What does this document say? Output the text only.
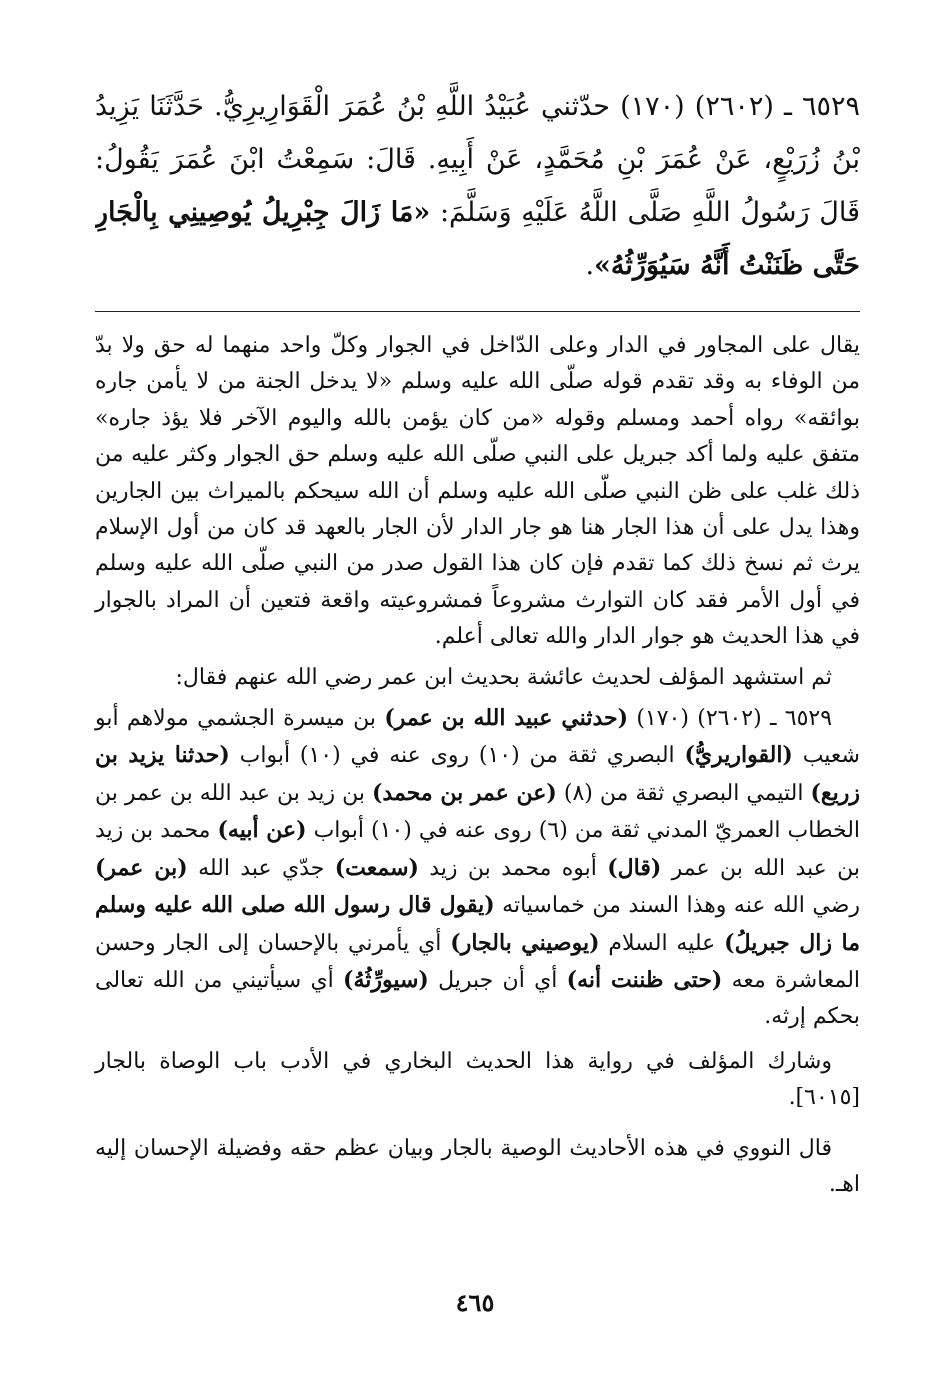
٦٥٢٩ ـ (٢٦٠٢) (١٧٠) حدّثني عُبَيْدُ اللَّهِ بْنُ عُمَرَ الْقَوَارِيرِيُّ. حَدَّثَنَا يَزِيدُ بْنُ زُرَيْعٍ، عَنْ عُمَرَ بْنِ مُحَمَّدٍ، عَنْ أَبِيهِ. قَالَ: سَمِعْتُ ابْنَ عُمَرَ يَقُولُ: قَالَ رَسُولُ اللَّهِ صَلَّى اللَّهُ عَلَيْهِ وَسَلَّمَ: «مَا زَالَ جِبْرِيلُ يُوصِينِي بِالْجَارِ حَتَّى ظَنَنْتُ أَنَّهُ سَيُوَرِّثُهُ».

يقال على المجاور في الدار وعلى الدّاخل في الجوار وكلّ واحد منهما له حق ولا بدّ من الوفاء به وقد تقدم قوله صلّى الله عليه وسلم «لا يدخل الجنة من لا يأمن جاره بوائقه» رواه أحمد ومسلم وقوله «من كان يؤمن بالله واليوم الآخر فلا يؤذ جاره» متفق عليه ولما أكد جبريل على النبي صلّى الله عليه وسلم حق الجوار وكثر عليه من ذلك غلب على ظن النبي صلّى الله عليه وسلم أن الله سيحكم بالميراث بين الجارين وهذا يدل على أن هذا الجار هنا هو جار الدار لأن الجار بالعهد قد كان من أول الإسلام يرث ثم نسخ ذلك كما تقدم فإن كان هذا القول صدر من النبي صلّى الله عليه وسلم في أول الأمر فقد كان التوارث مشروعاً فمشروعيته واقعة فتعين أن المراد بالجوار في هذا الحديث هو جوار الدار والله تعالى أعلم.

ثم استشهد المؤلف لحديث عائشة بحديث ابن عمر رضي الله عنهم فقال:

٦٥٢٩ ـ (٢٦٠٢) (١٧٠) (حدثني عبيد الله بن عمر) بن ميسرة الجشمي مولاهم أبو شعيب (القواريريُّ) البصري ثقة من (١٠) روى عنه في (١٠) أبواب (حدثنا يزيد بن زريع) التيمي البصري ثقة من (٨) (عن عمر بن محمد) بن زيد بن عبد الله بن عمر بن الخطاب العمريّ المدني ثقة من (٦) روى عنه في (١٠) أبواب (عن أبيه) محمد بن زيد بن عبد الله بن عمر (قال) أبوه محمد بن زيد (سمعت) جدّي عبد الله (بن عمر) رضي الله عنه وهذا السند من خماسياته (يقول قال رسول الله صلى الله عليه وسلم ما زال جبريلُ) عليه السلام (يوصيني بالجار) أي يأمرني بالإحسان إلى الجار وحسن المعاشرة معه (حتى ظننت أنه) أي أن جبريل (سيورِّثُهُ) أي سيأتيني من الله تعالى بحكم إرثه.

وشارك المؤلف في رواية هذا الحديث البخاري في الأدب باب الوصاة بالجار [٦٠١٥].

قال النووي في هذه الأحاديث الوصية بالجار وبيان عظم حقه وفضيلة الإحسان إليه اهـ.

٤٦٥
